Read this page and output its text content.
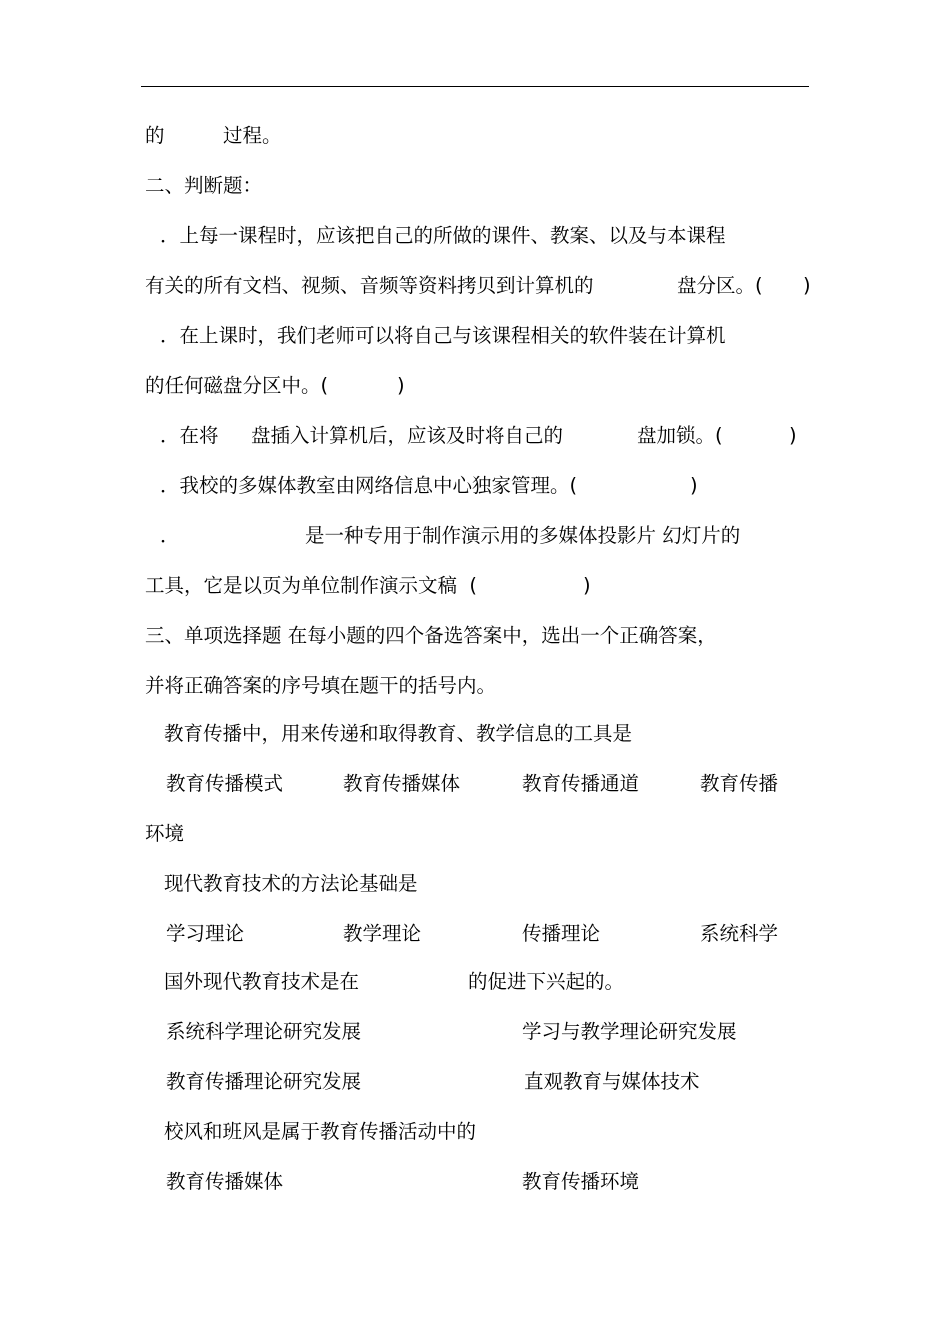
的	过程。
二、判断题：
．上每一课程时，应该把自己的所做的课件、教案、以及与本课程
有关的所有文档、视频、音频等资料拷贝到计算机的	盘分区。( )
．在上课时，我们老师可以将自己与该课程相关的软件装在计算机
的任何磁盘分区中。(	)
．在将 盘插入计算机后，应该及时将自己的	盘加锁。(	)
．我校的多媒体教室由网络信息中心独家管理。(	)
．	是一种专用于制作演示用的多媒体投影片 幻灯片的
工具，它是以页为单位制作演示文稿  (	)
三、单项选择题 在每小题的四个备选答案中，选出一个正确答案，
并将正确答案的序号填在题干的括号内。
教育传播中，用来传递和取得教育、教学信息的工具是
教育传播模式	教育传播媒体	教育传播通道	教育传播
环境
现代教育技术的方法论基础是
学习理论	教学理论	传播理论	系统科学
国外现代教育技术是在	的促进下兴起的。
系统科学理论研究发展	学习与教学理论研究发展
教育传播理论研究发展	直观教育与媒体技术
校风和班风是属于教育传播活动中的
教育传播媒体	教育传播环境
